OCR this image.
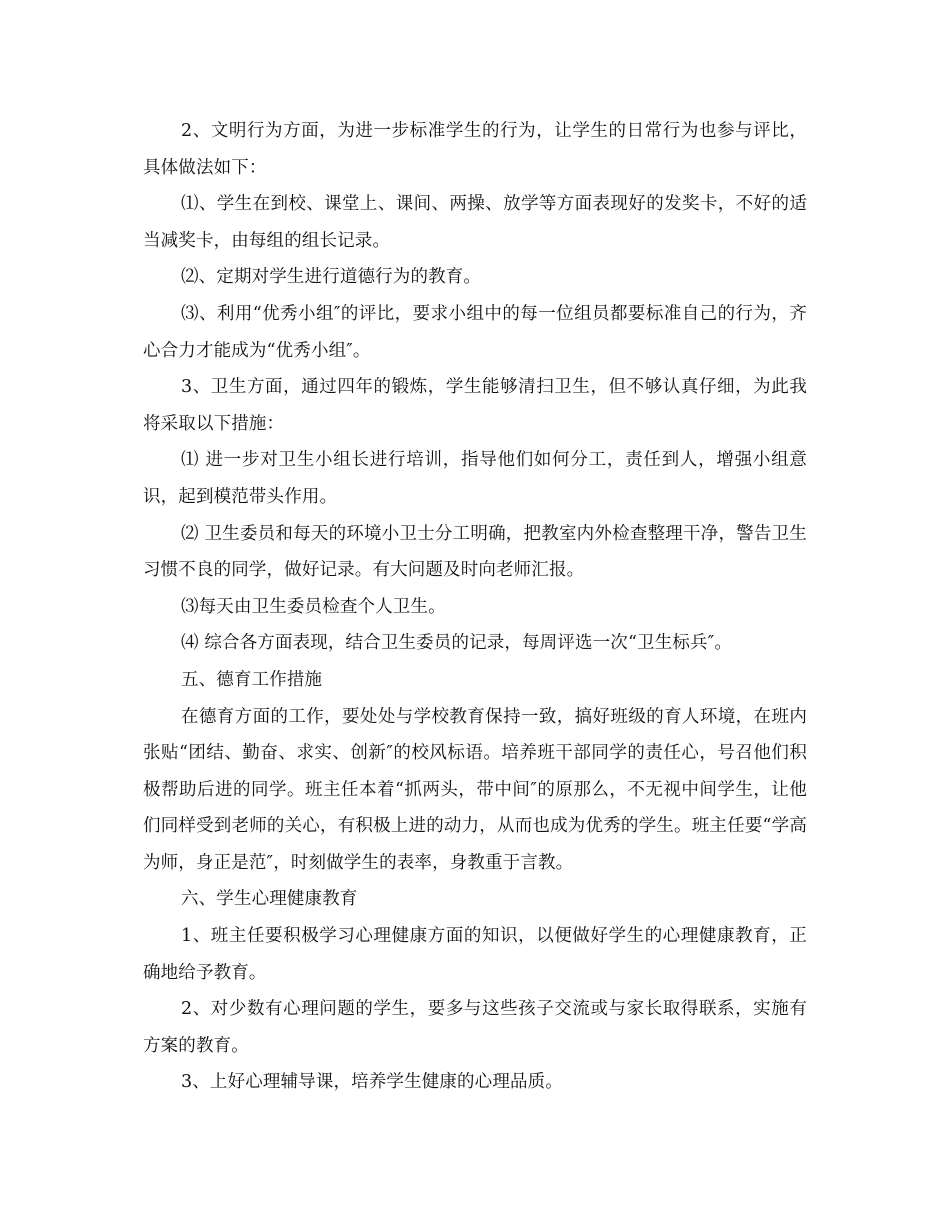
2、文明行为方面，为进一步标准学生的行为，让学生的日常行为也参与评比，具体做法如下：

⑴、学生在到校、课堂上、课间、两操、放学等方面表现好的发奖卡，不好的适当减奖卡，由每组的组长记录。

⑵、定期对学生进行道德行为的教育。

⑶、利用“优秀小组″的评比，要求小组中的每一位组员都要标准自己的行为，齐心合力才能成为“优秀小组″。

3、卫生方面，通过四年的锻炼，学生能够清扫卫生，但不够认真仔细，为此我将采取以下措施：

⑴ 进一步对卫生小组长进行培训，指导他们如何分工，责任到人，增强小组意识，起到模范带头作用。

⑵ 卫生委员和每天的环境小卫士分工明确，把教室内外检查整理干净，警告卫生习惯不良的同学，做好记录。有大问题及时向老师汇报。

⑶每天由卫生委员检查个人卫生。

⑷ 综合各方面表现，结合卫生委员的记录，每周评选一次“卫生标兵″。

五、德育工作措施

在德育方面的工作，要处处与学校教育保持一致，搞好班级的育人环境，在班内张贴“团结、勤奋、求实、创新″的校风标语。培养班干部同学的责任心，号召他们积极帮助后进的同学。班主任本着“抓两头，带中间″的原那么，不无视中间学生，让他们同样受到老师的关心，有积极上进的动力，从而也成为优秀的学生。班主任要“学高为师，身正是范″，时刻做学生的表率，身教重于言教。

六、学生心理健康教育

1、班主任要积极学习心理健康方面的知识，以便做好学生的心理健康教育，正确地给予教育。

2、对少数有心理问题的学生，要多与这些孩子交流或与家长取得联系，实施有方案的教育。

3、上好心理辅导课，培养学生健康的心理品质。
